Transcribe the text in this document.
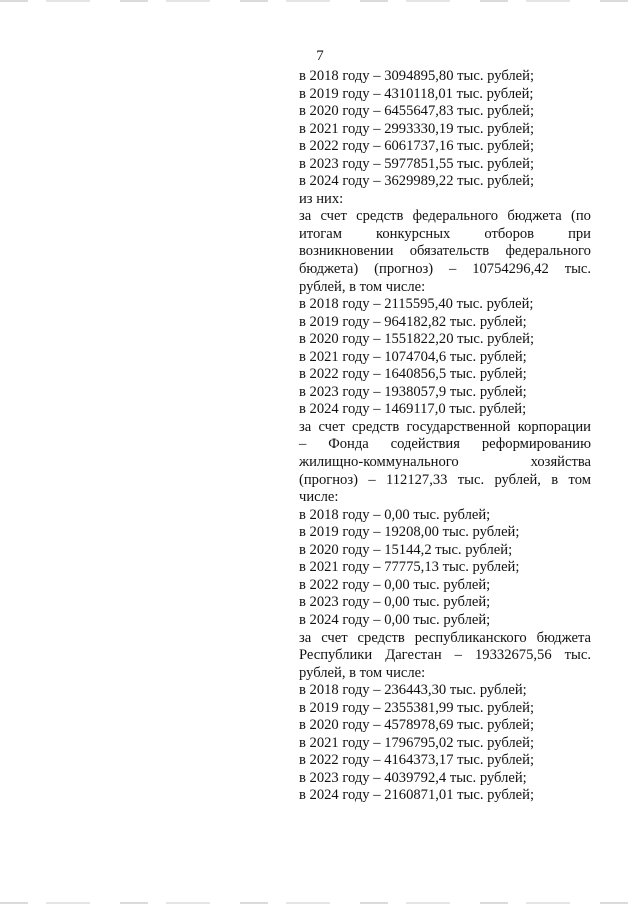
7
в 2018 году – 3094895,80 тыс. рублей;
в 2019 году – 4310118,01 тыс. рублей;
в 2020 году – 6455647,83 тыс. рублей;
в 2021 году – 2993330,19 тыс. рублей;
в 2022 году – 6061737,16 тыс. рублей;
в 2023 году – 5977851,55 тыс. рублей;
в 2024 году – 3629989,22 тыс. рублей;
из них:
за счет средств федерального бюджета (по
итогам конкурсных отборов при
возникновении обязательств федерального
бюджета) (прогноз) – 10754296,42 тыс.
рублей, в том числе:
в 2018 году – 2115595,40 тыс. рублей;
в 2019 году – 964182,82 тыс. рублей;
в 2020 году – 1551822,20 тыс. рублей;
в 2021 году – 1074704,6 тыс. рублей;
в 2022 году – 1640856,5 тыс. рублей;
в 2023 году – 1938057,9 тыс. рублей;
в 2024 году – 1469117,0 тыс. рублей;
за счет средств государственной корпорации
– Фонда содействия реформированию
жилищно-коммунального	хозяйства
(прогноз) – 112127,33 тыс. рублей, в том
числе:
в 2018 году – 0,00 тыс. рублей;
в 2019 году – 19208,00 тыс. рублей;
в 2020 году – 15144,2 тыс. рублей;
в 2021 году – 77775,13 тыс. рублей;
в 2022 году – 0,00 тыс. рублей;
в 2023 году – 0,00 тыс. рублей;
в 2024 году – 0,00 тыс. рублей;
за счет средств республиканского бюджета
Республики Дагестан – 19332675,56 тыс.
рублей, в том числе:
в 2018 году – 236443,30 тыс. рублей;
в 2019 году – 2355381,99 тыс. рублей;
в 2020 году – 4578978,69 тыс. рублей;
в 2021 году – 1796795,02 тыс. рублей;
в 2022 году – 4164373,17 тыс. рублей;
в 2023 году – 4039792,4 тыс. рублей;
в 2024 году – 2160871,01 тыс. рублей;
